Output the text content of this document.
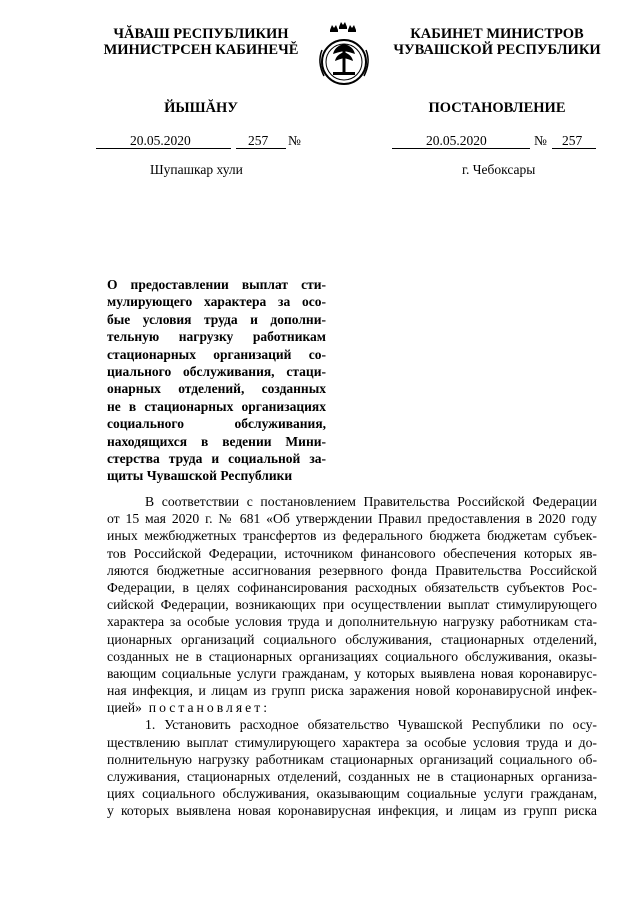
ЧĂВАШ РЕСПУБЛИКИН
МИНИСТРСЕН КАБИНЕЧĔ
ЙЫШĂНУ
КАБИНЕТ МИНИСТРОВ
ЧУВАШСКОЙ РЕСПУБЛИКИ
ПОСТАНОВЛЕНИЕ
20.05.2020	257 №	20.05.2020	№ 257
Шупашкар хули	г. Чебоксары
О предоставлении выплат сти-
мулирующего характера за осо-
бые условия труда и дополни-
тельную нагрузку работникам
стационарных организаций со-
циального обслуживания, стаци-
онарных отделений, созданных
не в стационарных организациях
социального обслуживания,
находящихся в ведении Мини-
стерства труда и социальной за-
щиты Чувашской Республики
В соответствии с постановлением Правительства Российской Федерации
от 15 мая 2020 г. № 681 «Об утверждении Правил предоставления в 2020 году
иных межбюджетных трансфертов из федерального бюджета бюджетам субъек-
тов Российской Федерации, источником финансового обеспечения которых яв-
ляются бюджетные ассигнования резервного фонда Правительства Российской
Федерации, в целях софинансирования расходных обязательств субъектов Рос-
сийской Федерации, возникающих при осуществлении выплат стимулирующего
характера за особые условия труда и дополнительную нагрузку работникам ста-
ционарных организаций социального обслуживания, стационарных отделений,
созданных не в стационарных организациях социального обслуживания, оказы-
вающим социальные услуги гражданам, у которых выявлена новая коронавирус-
ная инфекция, и лицам из групп риска заражения новой коронавирусной инфек-
цией» постановляет:
1. Установить расходное обязательство Чувашской Республики по осу-
ществлению выплат стимулирующего характера за особые условия труда и до-
полнительную нагрузку работникам стационарных организаций социального об-
служивания, стационарных отделений, созданных не в стационарных организа-
циях социального обслуживания, оказывающим социальные услуги гражданам,
у которых выявлена новая коронавирусная инфекция, и лицам из групп риска
